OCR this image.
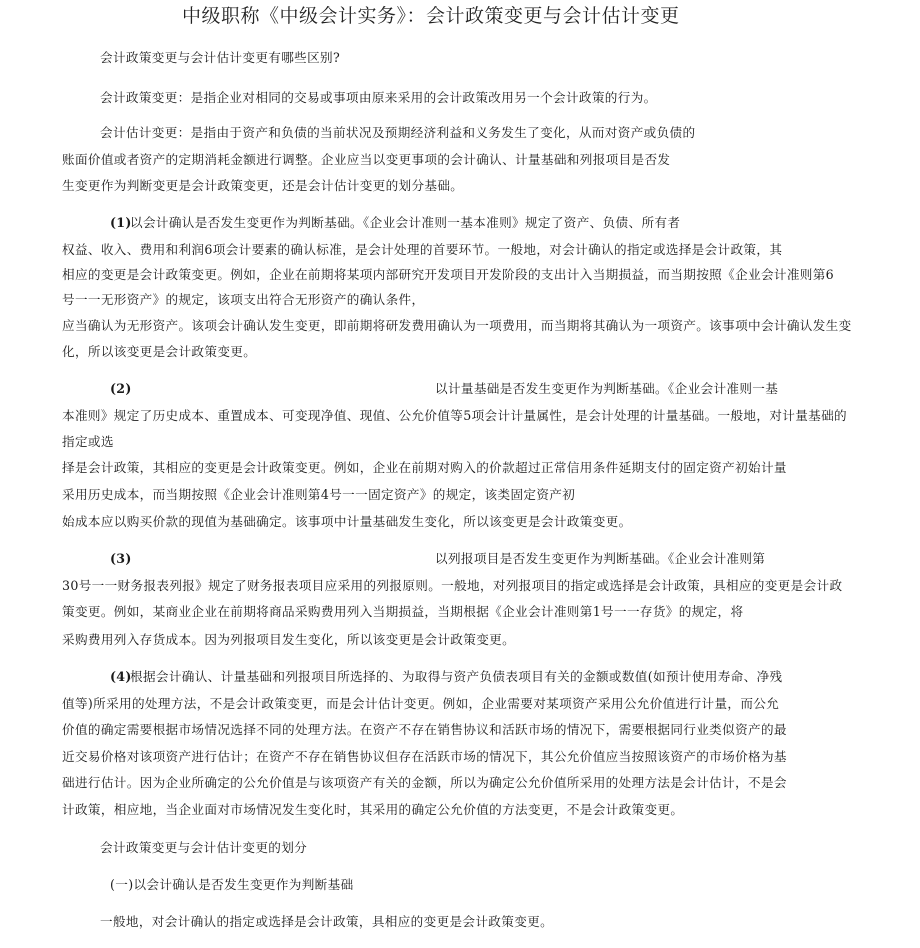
中级职称《中级会计实务》：会计政策变更与会计估计变更
会计政策变更与会计估计变更有哪些区别?
会计政策变更：是指企业对相同的交易或事项由原来采用的会计政策改用另一个会计政策的行为。
会计估计变更：是指由于资产和负债的当前状况及预期经济利益和义务发生了变化，从而对资产或负债的
账面价值或者资产的定期消耗金额进行调整。企业应当以变更事项的会计确认、计量基础和列报项目是否发
生变更作为判断变更是会计政策变更，还是会计估计变更的划分基础。
(1)
以会计确认是否发生变更作为判断基础。《企业会计准则一基本准则》规定了资产、负债、所有者
权益、收入、费用和利润6项会计要素的确认标准，是会计处理的首要环节。一般地，对会计确认的指定或选择是会计政策，其
相应的变更是会计政策变更。例如，企业在前期将某项内部研究开发项目开发阶段的支出计入当期损益，而当期按照《企业会计准则第6
号一一无形资产》的规定，该项支出符合无形资产的确认条件，
应当确认为无形资产。该项会计确认发生变更，即前期将研发费用确认为一项费用，而当期将其确认为一项资产。该事项中会计确认发生变
化，所以该变更是会计政策变更。
(2)	以计量基础是否发生变更作为判断基础。《企业会计准则一基
本准则》规定了历史成本、重置成本、可变现净值、现值、公允价值等5项会计计量属性，是会计处理的计量基础。一般地，对计量基础的
指定或选
择是会计政策，其相应的变更是会计政策变更。例如，企业在前期对购入的价款超过正常信用条件延期支付的固定资产初始计量
采用历史成本，而当期按照《企业会计准则第4号一一固定资产》的规定，该类固定资产初
始成本应以购买价款的现值为基础确定。该事项中计量基础发生变化，所以该变更是会计政策变更。
(3)	以列报项目是否发生变更作为判断基础。《企业会计准则第
30号一一财务报表列报》规定了财务报表项目应采用的列报原则。一般地，对列报项目的指定或选择是会计政策，具相应的变更是会计政
策变更。例如，某商业企业在前期将商品采购费用列入当期损益，当期根据《企业会计准则第1号一一存货》的规定，将
采购费用列入存货成本。因为列报项目发生变化，所以该变更是会计政策变更。
(4)
根据会计确认、计量基础和列报项目所选择的、为取得与资产负债表项目有关的金额或数值(如预计使用寿命、净残
值等)所采用的处理方法，不是会计政策变更，而是会计估计变更。例如，企业需要对某项资产采用公允价值进行计量，而公允
价值的确定需要根据市场情况选择不同的处理方法。在资产不存在销售协议和活跃市场的情况下，需要根据同行业类似资产的最
近交易价格对该项资产进行估计；在资产不存在销售协议但存在活跃市场的情况下，其公允价值应当按照该资产的市场价格为基
础进行估计。因为企业所确定的公允价值是与该项资产有关的金额，所以为确定公允价值所采用的处理方法是会计估计，不是会
计政策，相应地，当企业面对市场情况发生变化时，其采用的确定公允价值的方法变更，不是会计政策变更。
会计政策变更与会计估计变更的划分
(一)以会计确认是否发生变更作为判断基础
一般地，对会计确认的指定或选择是会计政策，具相应的变更是会计政策变更。
